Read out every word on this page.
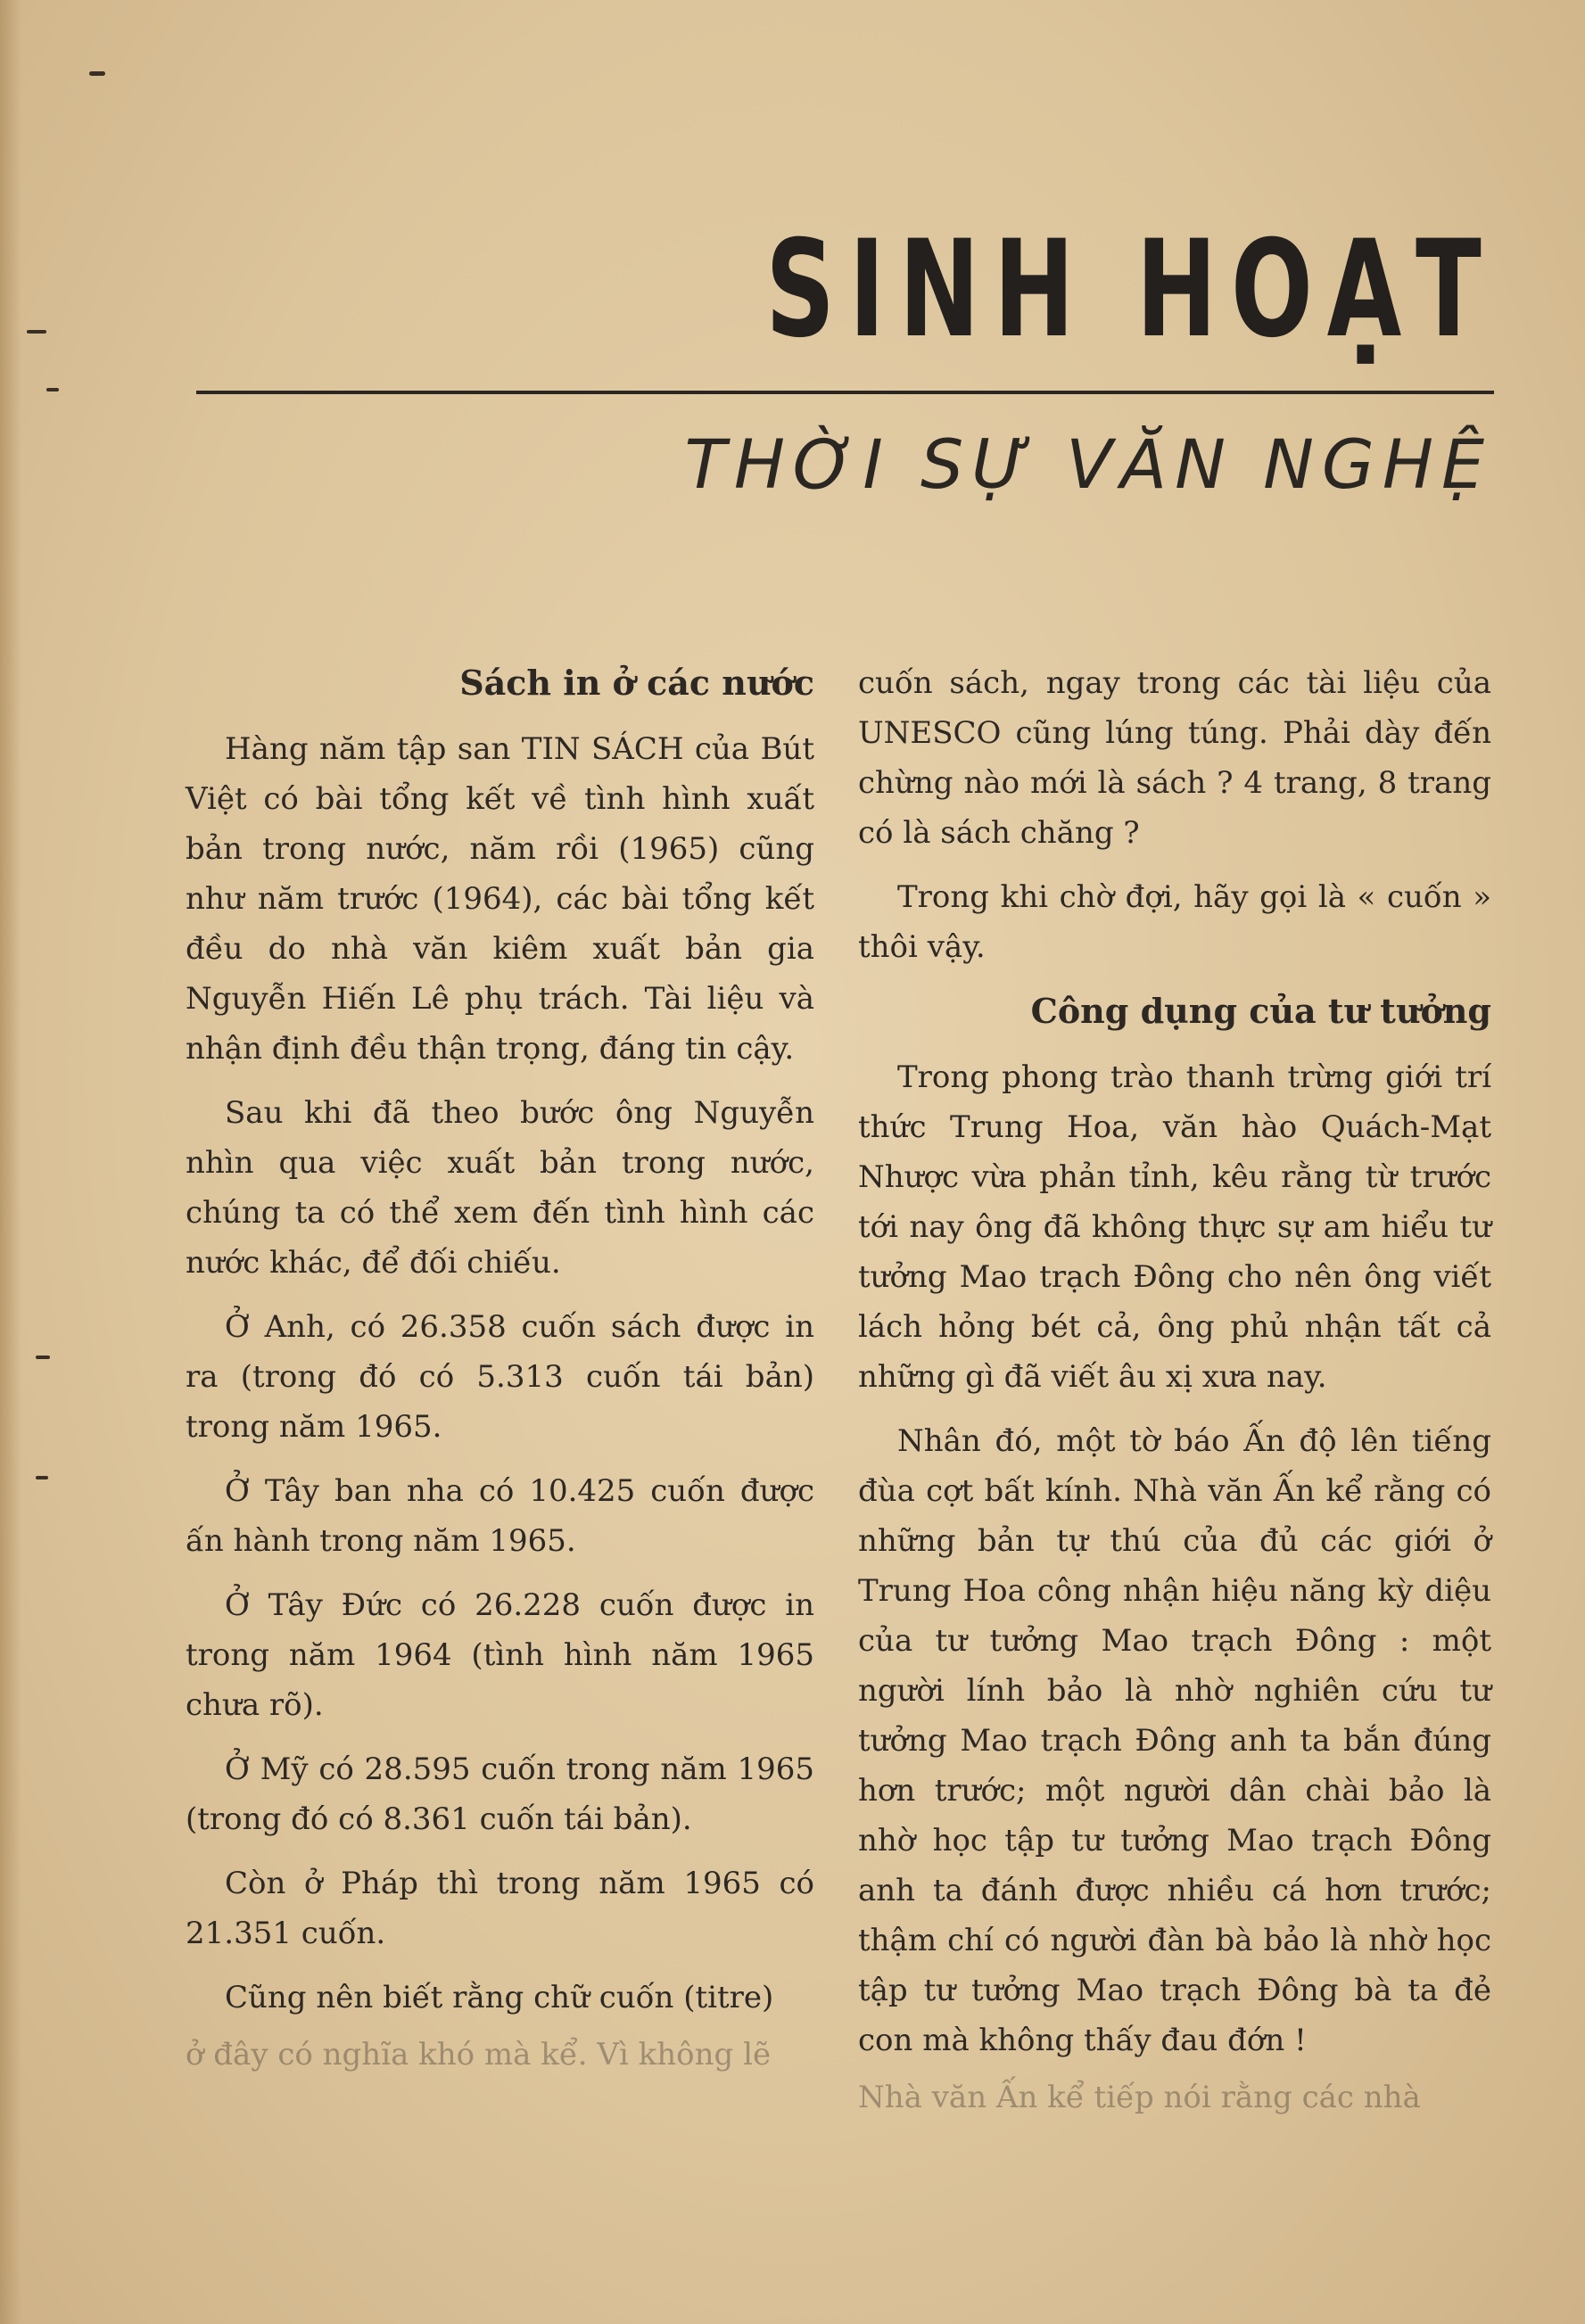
SINH HOẠT
THỜI SỰ VĂN NGHỆ
Sách in ở các nước

Hàng năm tập san TIN SÁCH của Bút Việt có bài tổng kết về tình hình xuất bản trong nước, năm rồi (1965) cũng như năm trước (1964), các bài tổng kết đều do nhà văn kiêm xuất bản gia Nguyễn Hiến Lê phụ trách. Tài liệu và nhận định đều thận trọng, đáng tin cậy.

Sau khi đã theo bước ông Nguyễn nhìn qua việc xuất bản trong nước, chúng ta có thể xem đến tình hình các nước khác, để đối chiếu.

Ở Anh, có 26.358 cuốn sách được in ra (trong đó có 5.313 cuốn tái bản) trong năm 1965.

Ở Tây ban nha có 10.425 cuốn được ấn hành trong năm 1965.

Ở Tây Đức có 26.228 cuốn được in trong năm 1964 (tình hình năm 1965 chưa rõ).

Ở Mỹ có 28.595 cuốn trong năm 1965 (trong đó có 8.361 cuốn tái bản).

Còn ở Pháp thì trong năm 1965 có 21.351 cuốn.

Cũng nên biết rằng chữ cuốn (titre)

ở đây có nghĩa khó mà kể. Vì không lẽ

cuốn sách, ngay trong các tài liệu của UNESCO cũng lúng túng. Phải dày đến chừng nào mới là sách ? 4 trang, 8 trang có là sách chăng ?

Trong khi chờ đợi, hãy gọi là « cuốn » thôi vậy.

Công dụng của tư tưởng

Trong phong trào thanh trừng giới trí thức Trung Hoa, văn hào Quách-Mạt Nhược vừa phản tỉnh, kêu rằng từ trước tới nay ông đã không thực sự am hiểu tư tưởng Mao trạch Đông cho nên ông viết lách hỏng bét cả, ông phủ nhận tất cả những gì đã viết âu xị xưa nay.

Nhân đó, một tờ báo Ấn độ lên tiếng đùa cợt bất kính. Nhà văn Ấn kể rằng có những bản tự thú của đủ các giới ở Trung Hoa công nhận hiệu năng kỳ diệu của tư tưởng Mao trạch Đông : một người lính bảo là nhờ nghiên cứu tư tưởng Mao trạch Đông anh ta bắn đúng hơn trước; một người dân chài bảo là nhờ học tập tư tưởng Mao trạch Đông anh ta đánh được nhiều cá hơn trước; thậm chí có người đàn bà bảo là nhờ học tập tư tưởng Mao trạch Đông bà ta đẻ con mà không thấy đau đớn !

Nhà văn Ấn kể tiếp nói rằng các nhà
